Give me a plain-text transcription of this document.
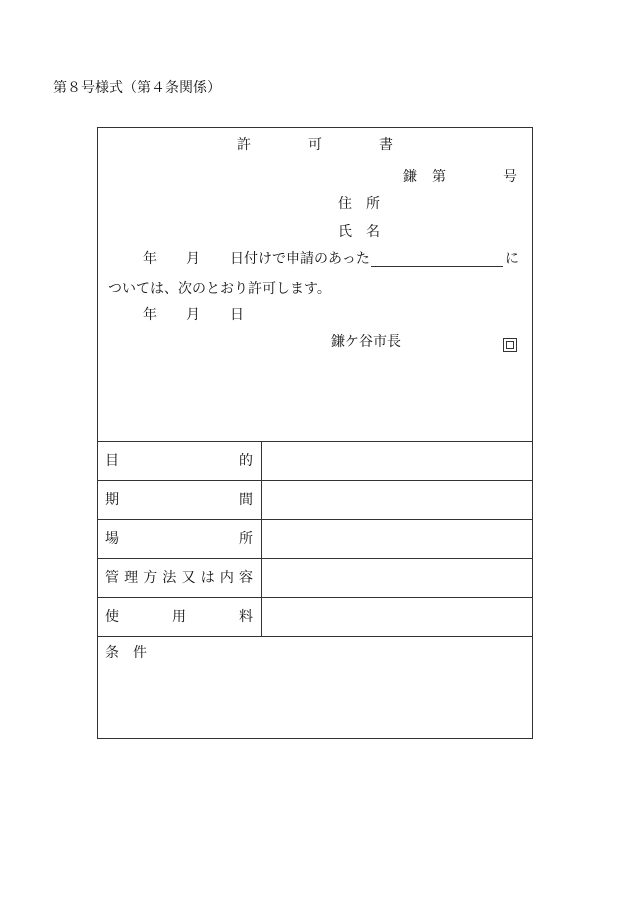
第８号様式（第４条関係）
許	可	書
鎌 第	号
住　所
氏　名
年 月 日付けで申請のあった	に
ついては、次のとおり許可します。
年 月 日
鎌ケ谷市長
目	的
期	間
場	所
管 理 方 法 又 は 内 容
使	用	料
条　件
